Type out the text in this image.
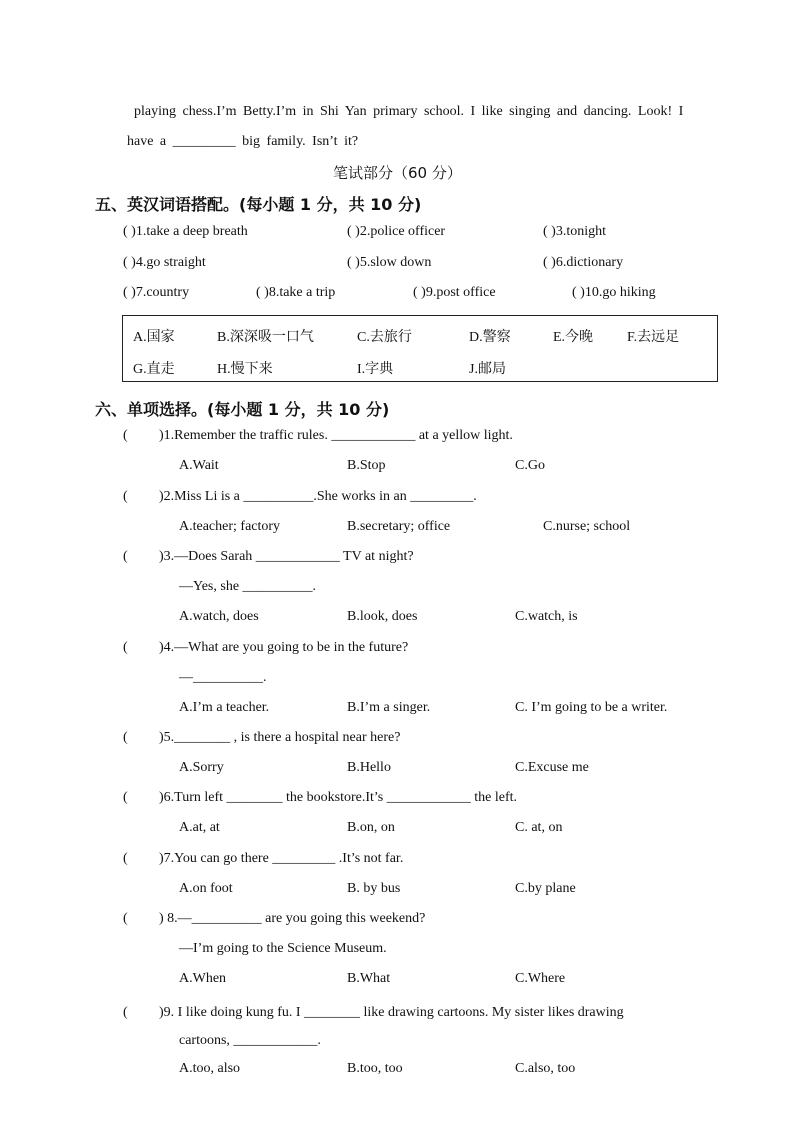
playing chess.I’m Betty.I’m in Shi Yan primary school. I like singing and dancing. Look! I
have a _________ big family. Isn’t it?
笔试部分（60 分）
五、英汉词语搭配。(每小题 1 分，共 10 分)
( )1.take a deep breath	( )2.police officer	( )3.tonight
( )4.go straight	( )5.slow down	( )6.dictionary
( )7.country	( )8.take a trip	( )9.post office	( )10.go hiking
A.国家	B.深深吸一口气	C.去旅行	D.警察	E.今晚 F.去远足
G.直走	H.慢下来	I.字典	J.邮局
六、单项选择。(每小题 1 分，共 10 分)
( )1.Remember the traffic rules. ____________ at a yellow light.
A.Wait	B.Stop	C.Go
( )2.Miss Li is a __________.She works in an _________.
A.teacher; factory	B.secretary; office	C.nurse; school
( )3.—Does Sarah ____________ TV at night?
—Yes, she __________.
A.watch, does	B.look, does	C.watch, is
( )4.—What are you going to be in the future?
—__________.
A.I’m a teacher.	B.I’m a singer.	C. I’m going to be a writer.
( )5.________ , is there a hospital near here?
A.Sorry	B.Hello	C.Excuse me
( )6.Turn left ________ the bookstore.It’s ____________ the left.
A.at, at	B.on, on	C. at, on
( )7.You can go there _________ .It’s not far.
A.on foot	B. by bus	C.by plane
( ) 8.—__________ are you going this weekend?
—I’m going to the Science Museum.
A.When	B.What	C.Where
( )9. I like doing kung fu. I ________ like drawing cartoons. My sister likes drawing
cartoons, ____________.
A.too, also	B.too, too	C.also, too
